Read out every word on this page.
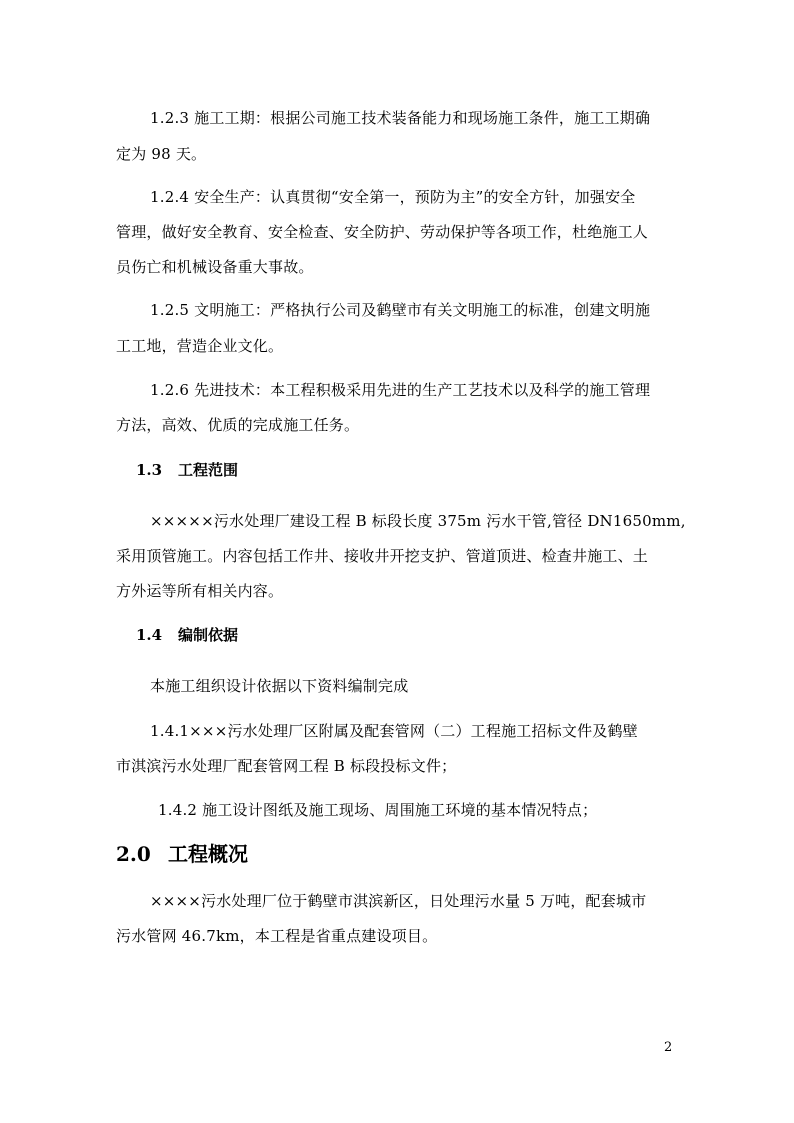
1.2.3 施工工期：根据公司施工技术装备能力和现场施工条件，施工工期确
定为 98 天。
1.2.4 安全生产：认真贯彻“安全第一，预防为主”的安全方针，加强安全
管理，做好安全教育、安全检查、安全防护、劳动保护等各项工作，杜绝施工人
员伤亡和机械设备重大事故。
1.2.5 文明施工：严格执行公司及鹤壁市有关文明施工的标准，创建文明施
工工地，营造企业文化。
1.2.6 先进技术：本工程积极采用先进的生产工艺技术以及科学的施工管理
方法，高效、优质的完成施工任务。
1.3 工程范围
×××××污水处理厂建设工程 B 标段长度 375m 污水干管,管径 DN1650mm,
采用顶管施工。内容包括工作井、接收井开挖支护、管道顶进、检查井施工、土
方外运等所有相关内容。
1.4 编制依据
本施工组织设计依据以下资料编制完成
1.4.1×××污水处理厂区附属及配套管网（二）工程施工招标文件及鹤壁
市淇滨污水处理厂配套管网工程 B 标段投标文件；
1.4.2 施工设计图纸及施工现场、周围施工环境的基本情况特点；
2.0 工程概况
××××污水处理厂位于鹤壁市淇滨新区，日处理污水量 5 万吨，配套城市
污水管网 46.7km，本工程是省重点建设项目。
2
